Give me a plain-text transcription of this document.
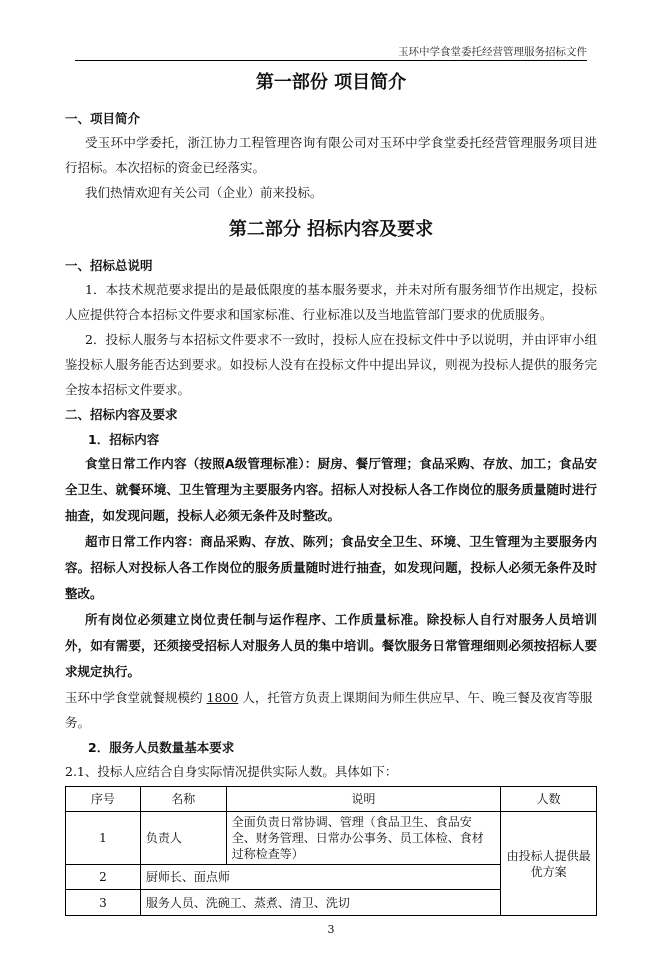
玉环中学食堂委托经营管理服务招标文件
第一部份 项目简介
一、项目简介

受玉环中学委托，浙江协力工程管理咨询有限公司对玉环中学食堂委托经营管理服务项目进行招标。本次招标的资金已经落实。

我们热情欢迎有关公司（企业）前来投标。

第二部分 招标内容及要求
一、招标总说明

1．本技术规范要求提出的是最低限度的基本服务要求，并未对所有服务细节作出规定，投标人应提供符合本招标文件要求和国家标准、行业标准以及当地监管部门要求的优质服务。

2．投标人服务与本招标文件要求不一致时，投标人应在投标文件中予以说明，并由评审小组鉴投标人服务能否达到要求。如投标人没有在投标文件中提出异议，则视为投标人提供的服务完全按本招标文件要求。

二、招标内容及要求
1．招标内容

食堂日常工作内容（按照A级管理标准）：厨房、餐厅管理；食品采购、存放、加工；食品安全卫生、就餐环境、卫生管理为主要服务内容。招标人对投标人各工作岗位的服务质量随时进行抽查，如发现问题，投标人必须无条件及时整改。

超市日常工作内容：商品采购、存放、陈列；食品安全卫生、环境、卫生管理为主要服务内容。招标人对投标人各工作岗位的服务质量随时进行抽查，如发现问题，投标人必须无条件及时整改。

所有岗位必须建立岗位责任制与运作程序、工作质量标准。除投标人自行对服务人员培训外，如有需要，还须接受招标人对服务人员的集中培训。餐饮服务日常管理细则必须按招标人要求规定执行。

玉环中学食堂就餐规模约 1800 人，托管方负责上课期间为师生供应早、午、晚三餐及夜宵等服务。

2．服务人员数量基本要求

2.1、投标人应结合自身实际情况提供实际人数。具体如下：

序号	名称	说明	人数
1	负责人	全面负责日常协调、管理（食品卫生、食品安全、财务管理、日常办公事务、员工体检、食材过称检查等）	由投标人提供最优方案
2	厨师长、面点师		
3	服务人员、洗碗工、蒸煮、清卫、洗切		
3
